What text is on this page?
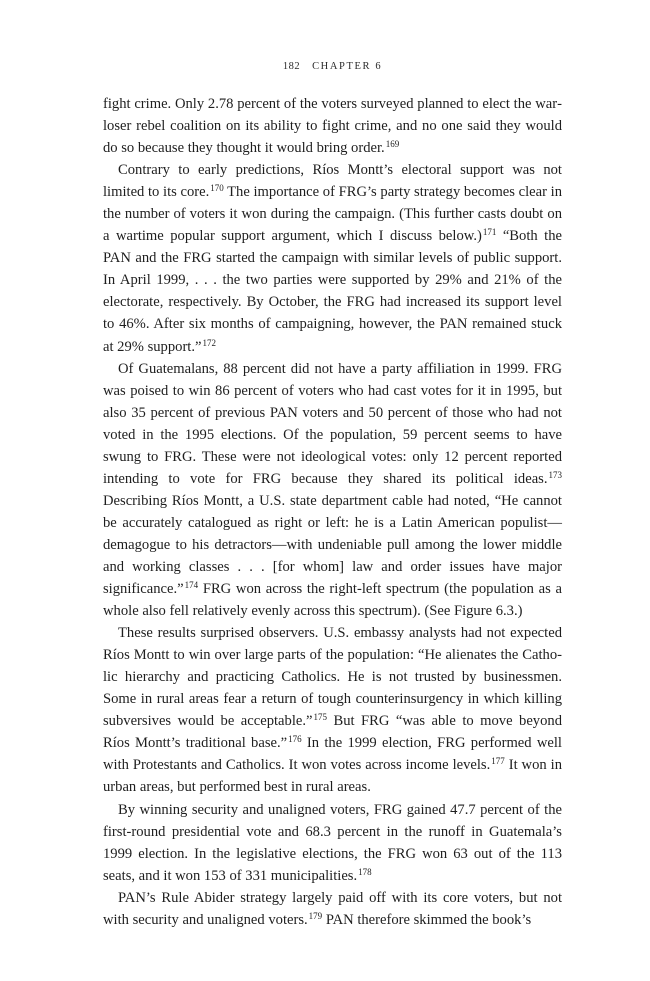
182 CHAPTER 6

fight crime. Only 2.78 percent of the voters surveyed planned to elect the warloser rebel coalition on its ability to fight crime, and no one said they would do so because they thought it would bring order.$^{169}$

Contrary to early predictions, Ríos Montt’s electoral support was not limited to its core.$^{170}$ The importance of FRG’s party strategy becomes clear in the number of voters it won during the campaign. (This further casts doubt on a wartime popular support argument, which I discuss below.)$^{171}$ “Both the PAN and the FRG started the campaign with similar levels of public support. In April 1999, . . . the two parties were supported by 29% and 21% of the electorate, respectively. By October, the FRG had increased its support level to 46%. After six months of campaigning, however, the PAN remained stuck at 29% support.”$^{172}$

Of Guatemalans, 88 percent did not have a party affiliation in 1999. FRG was poised to win 86 percent of voters who had cast votes for it in 1995, but also 35 percent of previous PAN voters and 50 percent of those who had not voted in the 1995 elections. Of the population, 59 percent seems to have swung to FRG. These were not ideological votes: only 12 percent reported intending to vote for FRG because they shared its political ideas.$^{173}$ Describing Ríos Montt, a U.S. state department cable had noted, “He cannot be accurately catalogued as right or left: he is a Latin American populist—demagogue to his detractors—with undeniable pull among the lower middle and working classes . . . [for whom] law and order issues have major significance.”$^{174}$ FRG won across the right-left spectrum (the population as a whole also fell relatively evenly across this spectrum). (See Figure 6.3.)

These results surprised observers. U.S. embassy analysts had not expected Ríos Montt to win over large parts of the population: “He alienates the Catholic hierarchy and practicing Catholics. He is not trusted by businessmen. Some in rural areas fear a return of tough counterinsurgency in which killing subversives would be acceptable.”$^{175}$ But FRG “was able to move beyond Ríos Montt’s traditional base.”$^{176}$ In the 1999 election, FRG performed well with Protestants and Catholics. It won votes across income levels.$^{177}$ It won in urban areas, but performed best in rural areas.

By winning security and unaligned voters, FRG gained 47.7 percent of the first-round presidential vote and 68.3 percent in the runoff in Guatemala’s 1999 election. In the legislative elections, the FRG won 63 out of the 113 seats, and it won 153 of 331 municipalities.$^{178}$

PAN’s Rule Abider strategy largely paid off with its core voters, but not with security and unaligned voters.$^{179}$ PAN therefore skimmed the book’s
